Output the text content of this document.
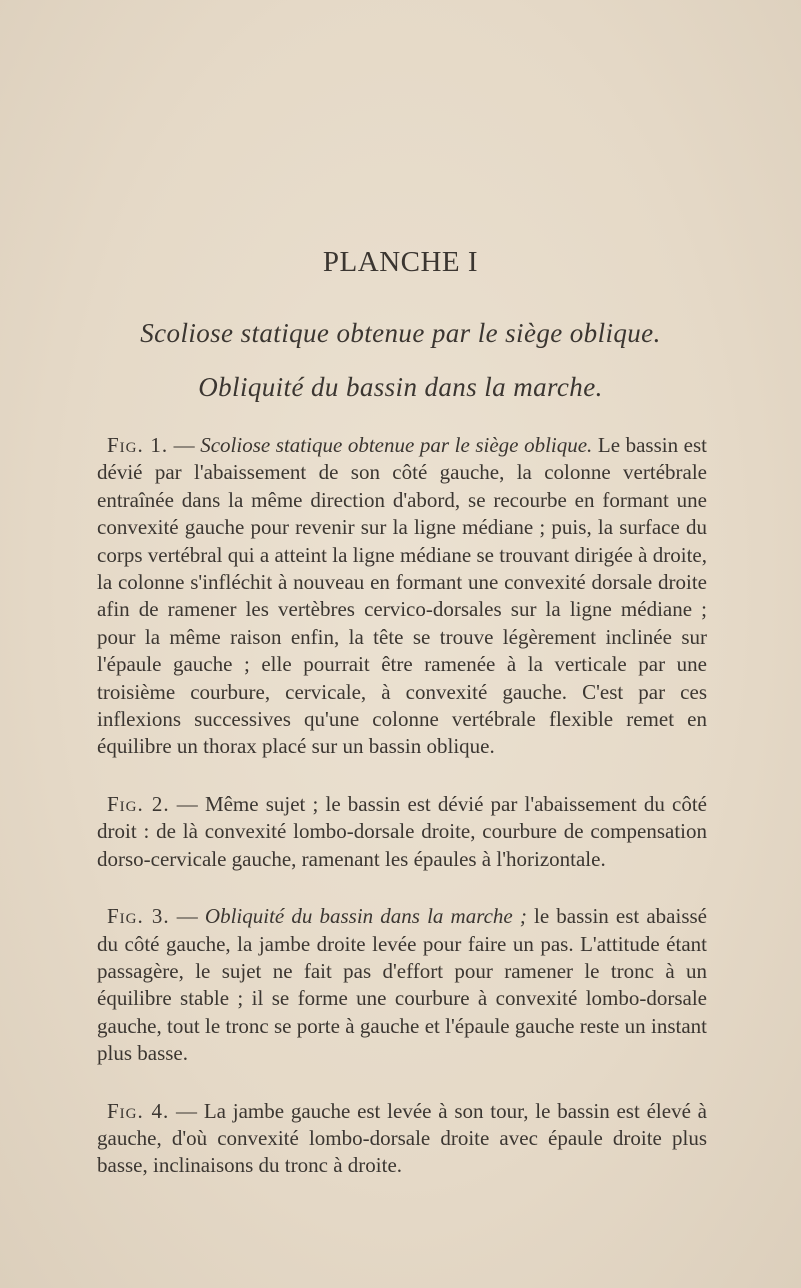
PLANCHE I
Scoliose statique obtenue par le siège oblique.
Obliquité du bassin dans la marche.

Fig. 1. — Scoliose statique obtenue par le siège oblique. Le bassin est dévié par l'abaissement de son côté gauche, la colonne vertébrale entraînée dans la même direction d'abord, se recourbe en formant une convexité gauche pour revenir sur la ligne médiane ; puis, la surface du corps vertébral qui a atteint la ligne médiane se trouvant dirigée à droite, la colonne s'infléchit à nouveau en formant une convexité dorsale droite afin de ramener les vertèbres cervico-dorsales sur la ligne médiane ; pour la même raison enfin, la tête se trouve légèrement inclinée sur l'épaule gauche ; elle pourrait être ramenée à la verticale par une troisième courbure, cervicale, à convexité gauche. C'est par ces inflexions successives qu'une colonne vertébrale flexible remet en équilibre un thorax placé sur un bassin oblique.

Fig. 2. — Même sujet ; le bassin est dévié par l'abaissement du côté droit : de là convexité lombo-dorsale droite, courbure de compensation dorso-cervicale gauche, ramenant les épaules à l'horizontale.

Fig. 3. — Obliquité du bassin dans la marche ; le bassin est abaissé du côté gauche, la jambe droite levée pour faire un pas. L'attitude étant passagère, le sujet ne fait pas d'effort pour ramener le tronc à un équilibre stable ; il se forme une courbure à convexité lombo-dorsale gauche, tout le tronc se porte à gauche et l'épaule gauche reste un instant plus basse.

Fig. 4. — La jambe gauche est levée à son tour, le bassin est élevé à gauche, d'où convexité lombo-dorsale droite avec épaule droite plus basse, inclinaisons du tronc à droite.
